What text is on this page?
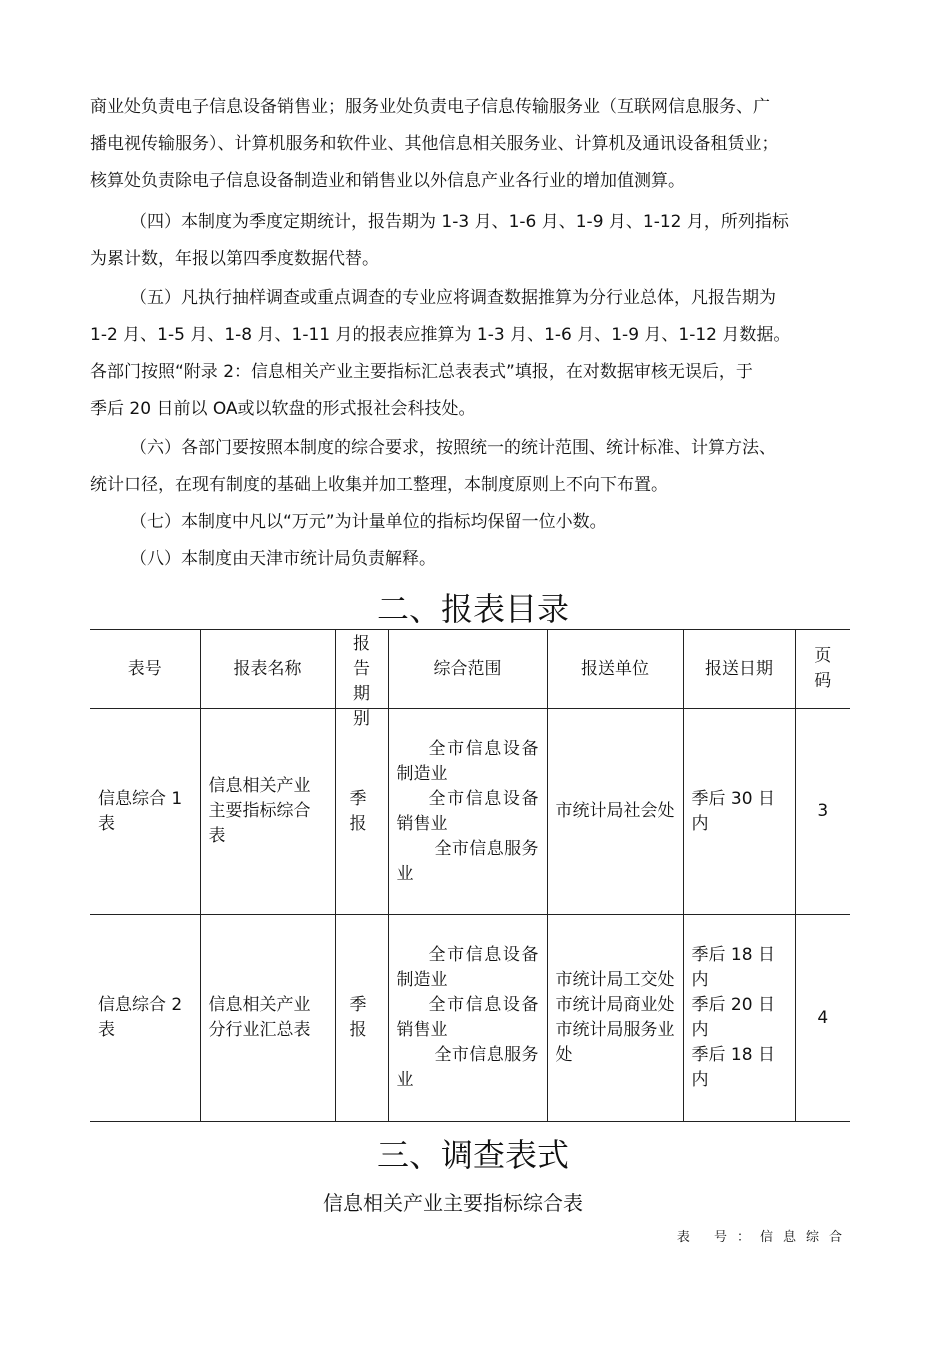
商业处负责电子信息设备销售业；服务业处负责电子信息传输服务业（互联网信息服务、广
播电视传输服务）、计算机服务和软件业、其他信息相关服务业、计算机及通讯设备租赁业；
核算处负责除电子信息设备制造业和销售业以外信息产业各行业的增加值测算。
（四）本制度为季度定期统计，报告期为 1-3 月、1-6 月、1-9 月、1-12 月，所列指标
为累计数，年报以第四季度数据代替。
（五）凡执行抽样调查或重点调查的专业应将调查数据推算为分行业总体，凡报告期为
1-2 月、1-5 月、1-8 月、1-11 月的报表应推算为 1-3 月、1-6 月、1-9 月、1-12 月数据。
各部门按照“附录 2：信息相关产业主要指标汇总表表式”填报，在对数据审核无误后，于
季后 20 日前以 OA或以软盘的形式报社会科技处。
（六）各部门要按照本制度的综合要求，按照统一的统计范围、统计标准、计算方法、
统计口径，在现有制度的基础上收集并加工整理，本制度原则上不向下布置。
（七）本制度中凡以“万元”为计量单位的指标均保留一位小数。
（八）本制度由天津市统计局负责解释。
二、报表目录
表号	报表名称	报
告
期
别	综合范围	报送单位	报送日期	页
码

信息综合 1 表	信息相关产业主要指标综合表	季报	全市信息设备制造业
全市信息设备销售业
全市信息服务业	市统计局社会处	季后 30 日内	3
信息综合 2 表	信息相关产业分行业汇总表	季报	全市信息设备制造业
全市信息设备销售业
全市信息服务业	市统计局工交处
市统计局商业处
市统计局服务业处	季后 18 日内
季后 20 日内
季后 18 日内	4
三、调查表式
信息相关产业主要指标综合表
表 号：信息综合
